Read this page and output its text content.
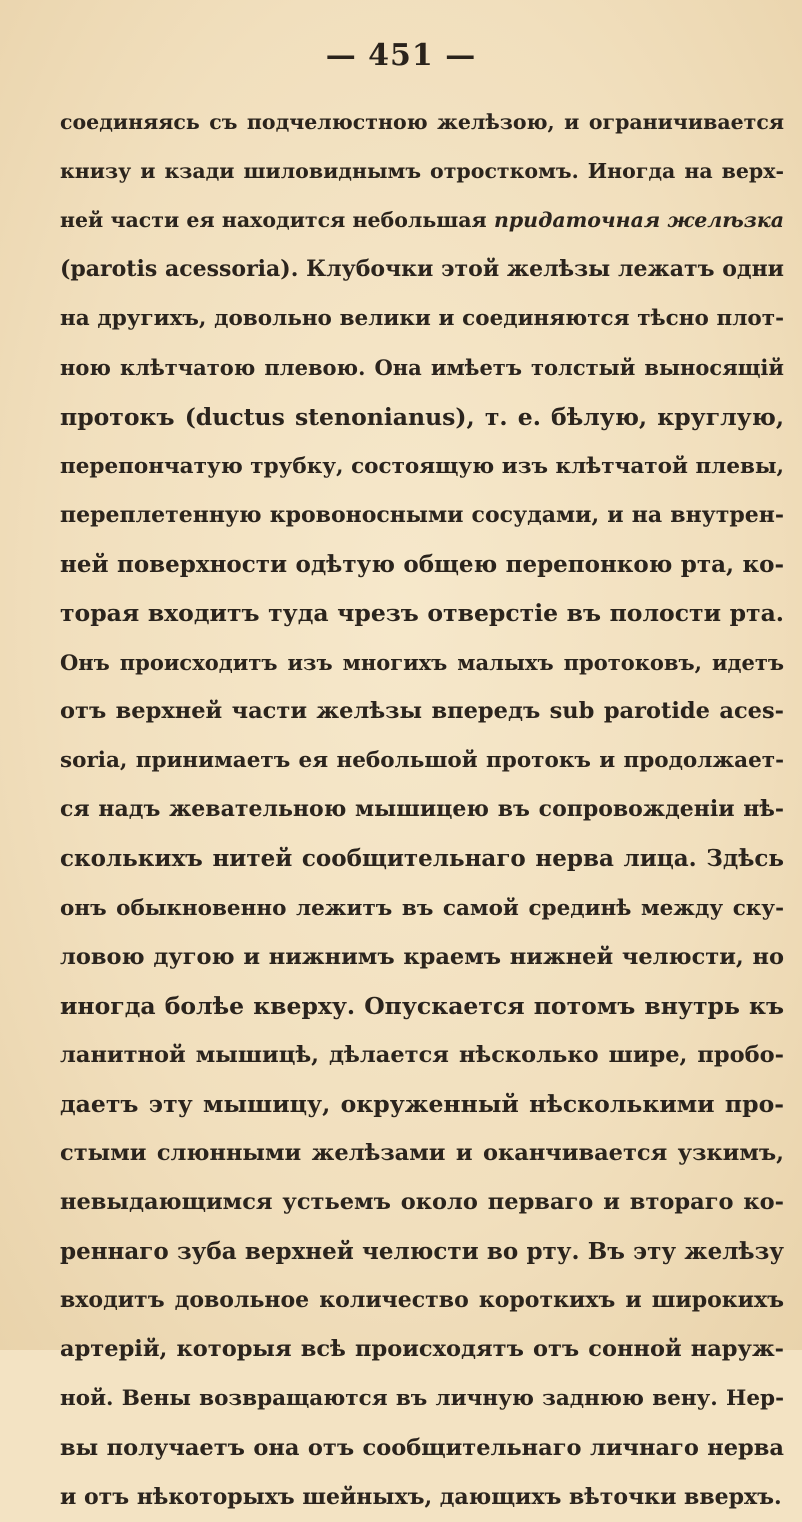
— 451 —
соединяясь съ подчелюстною желѣзою, и ограничивается
книзу и кзади шиловиднымъ отросткомъ. Иногда на верх-
ней части ея находится небольшая придаточная желѣзка
(parotis acessoria). Клубочки этой желѣзы лежатъ одни
на другихъ, довольно велики и соединяются тѣсно плот-
ною клѣтчатою плевою. Она имѣетъ толстый выносящій
протокъ (ductus stenonianus), т. е. бѣлую, круглую,
перепончатую трубку, состоящую изъ клѣтчатой плевы,
переплетенную кровоносными сосудами, и на внутрен-
ней поверхности одѣтую общею перепонкою рта, ко-
торая входитъ туда чрезъ отверстіе въ полости рта.
Онъ происходитъ изъ многихъ малыхъ протоковъ, идетъ
отъ верхней части желѣзы впередъ sub parotide aces-
soria, принимаетъ ея небольшой протокъ и продолжает-
ся надъ жевательною мышицею въ сопровожденіи нѣ-
сколькихъ нитей сообщительнаго нерва лица. Здѣсь
онъ обыкновенно лежитъ въ самой срединѣ между ску-
ловою дугою и нижнимъ краемъ нижней челюсти, но
иногда болѣе кверху. Опускается потомъ внутрь къ
ланитной мышицѣ, дѣлается нѣсколько шире, пробо-
даетъ эту мышицу, окруженный нѣсколькими про-
стыми слюнными желѣзами и оканчивается узкимъ,
невыдающимся устьемъ около перваго и втораго ко-
реннаго зуба верхней челюсти во рту. Въ эту желѣзу
входитъ довольное количество короткихъ и широкихъ
артерій, которыя всѣ происходятъ отъ сонной наруж-
ной. Вены возвращаются въ личную заднюю вену. Нер-
вы получаетъ она отъ сообщительнаго личнаго нерва
и отъ нѣкоторыхъ шейныхъ, дающихъ вѣточки вверхъ.
